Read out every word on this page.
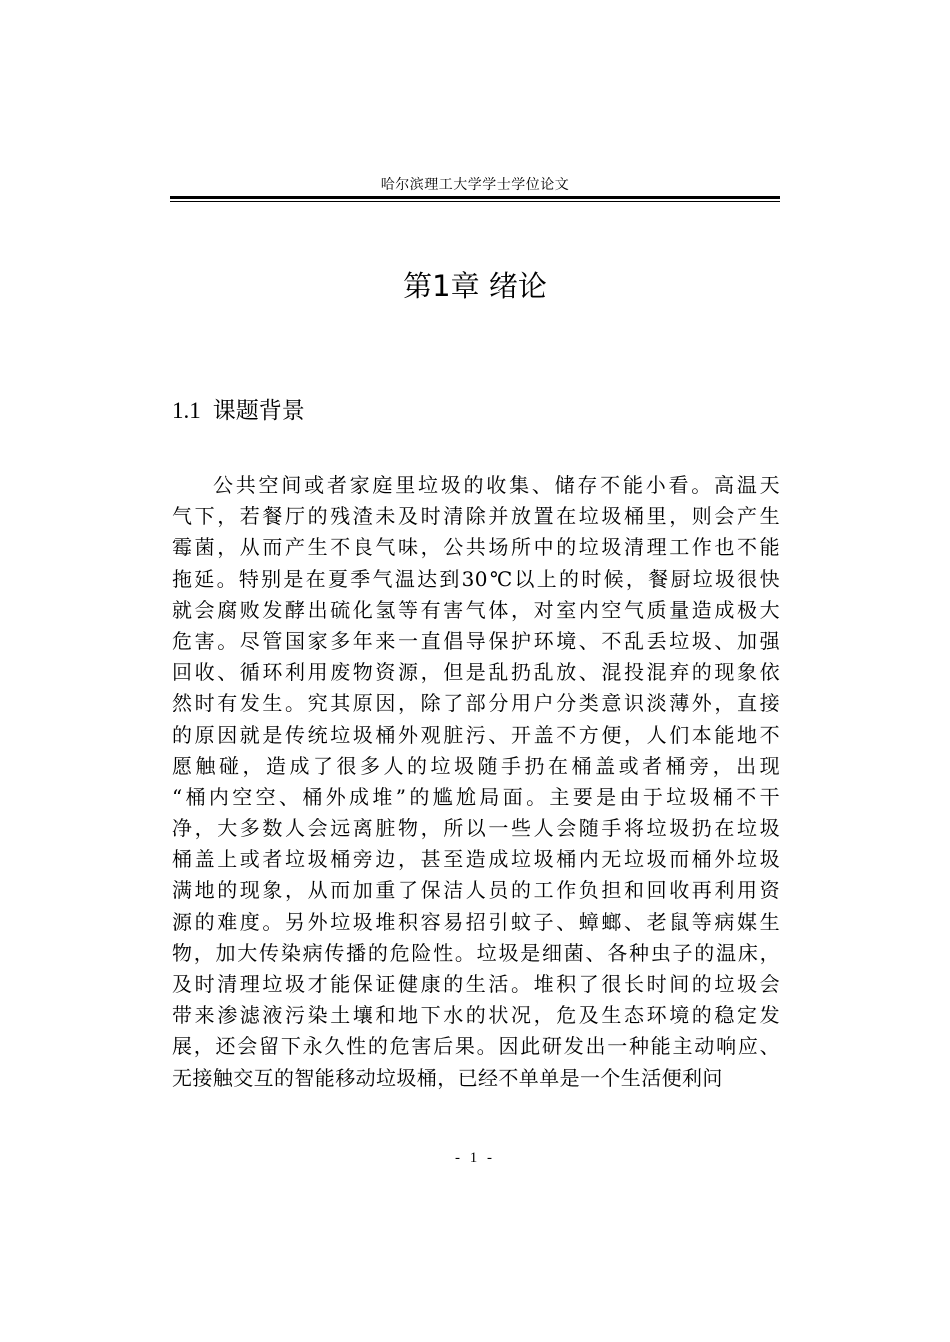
哈尔滨理工大学学士学位论文
第1章 绪论
1.1 课题背景
公共空间或者家庭里垃圾的收集、储存不能小看。高温天
气下，若餐厅的残渣未及时清除并放置在垃圾桶里，则会产生
霉菌，从而产生不良气味，公共场所中的垃圾清理工作也不能
拖延。特别是在夏季气温达到30℃以上的时候，餐厨垃圾很快
就会腐败发酵出硫化氢等有害气体，对室内空气质量造成极大
危害。尽管国家多年来一直倡导保护环境、不乱丢垃圾、加强
回收、循环利用废物资源，但是乱扔乱放、混投混弃的现象依
然时有发生。究其原因，除了部分用户分类意识淡薄外，直接
的原因就是传统垃圾桶外观脏污、开盖不方便，人们本能地不
愿触碰，造成了很多人的垃圾随手扔在桶盖或者桶旁，出现
“桶内空空、桶外成堆”的尴尬局面。主要是由于垃圾桶不干
净，大多数人会远离脏物，所以一些人会随手将垃圾扔在垃圾
桶盖上或者垃圾桶旁边，甚至造成垃圾桶内无垃圾而桶外垃圾
满地的现象，从而加重了保洁人员的工作负担和回收再利用资
源的难度。另外垃圾堆积容易招引蚊子、蟑螂、老鼠等病媒生
物，加大传染病传播的危险性。垃圾是细菌、各种虫子的温床，
及时清理垃圾才能保证健康的生活。堆积了很长时间的垃圾会
带来渗滤液污染土壤和地下水的状况，危及生态环境的稳定发
展，还会留下永久性的危害后果。因此研发出一种能主动响应、
无接触交互的智能移动垃圾桶，已经不单单是一个生活便利问
- 1 -
